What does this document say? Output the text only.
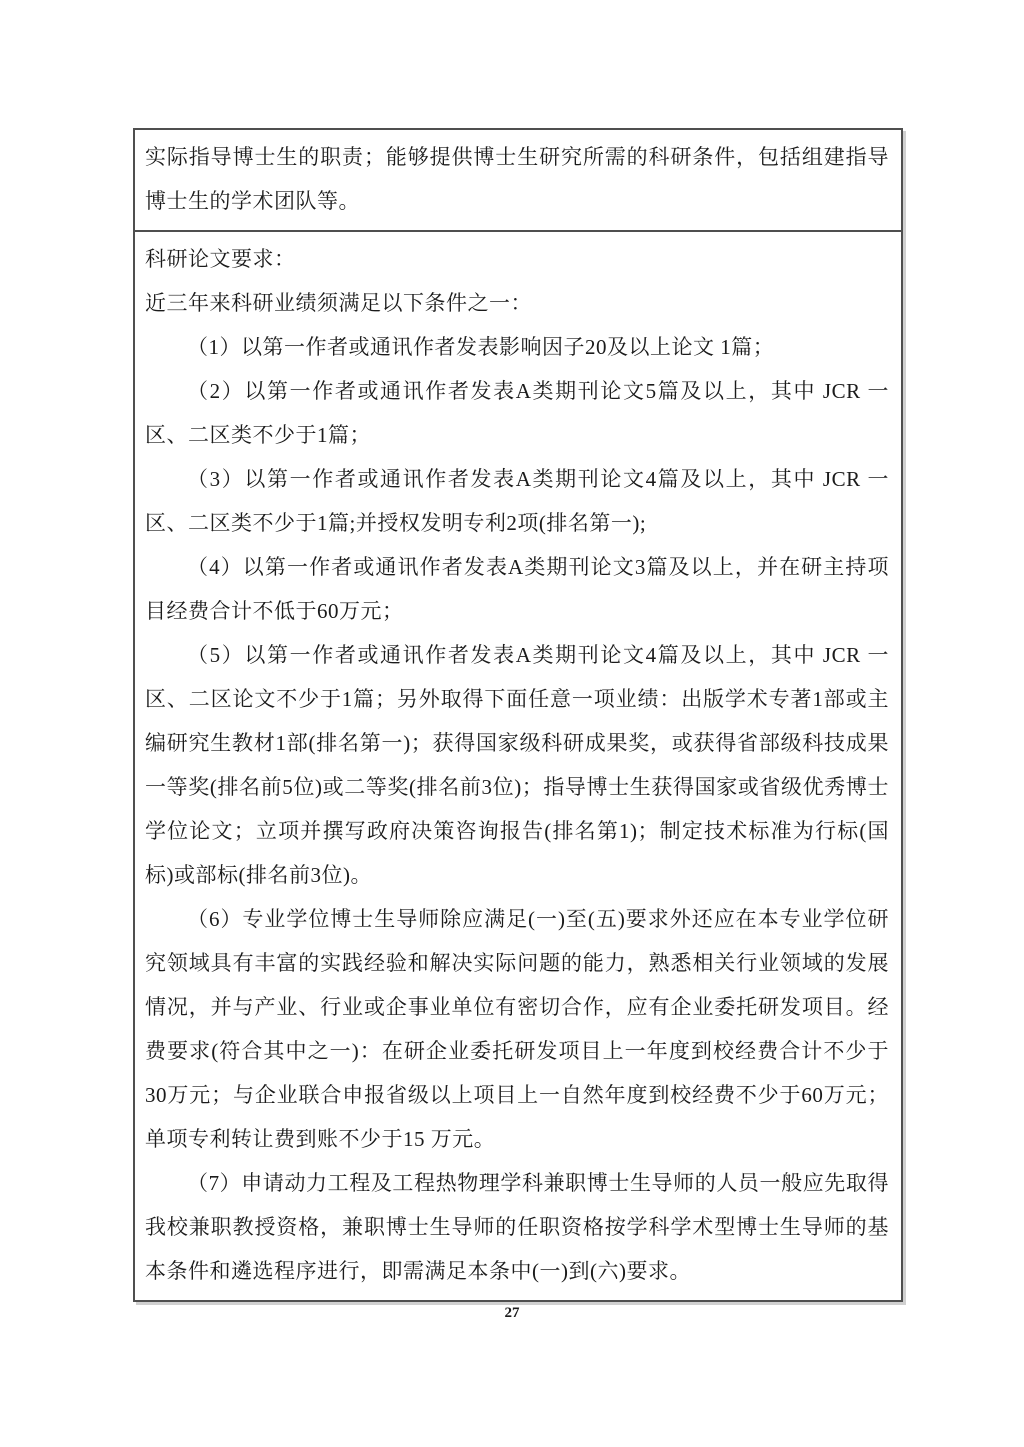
实际指导博士生的职责；能够提供博士生研究所需的科研条件，包括组建指导博士生的学术团队等。

科研论文要求：

近三年来科研业绩须满足以下条件之一：

（1）以第一作者或通讯作者发表影响因子20及以上论文 1篇；

（2）以第一作者或通讯作者发表A类期刊论文5篇及以上，其中 JCR 一区、二区类不少于1篇；

（3）以第一作者或通讯作者发表A类期刊论文4篇及以上，其中 JCR 一区、二区类不少于1篇;并授权发明专利2项(排名第一);

（4）以第一作者或通讯作者发表A类期刊论文3篇及以上，并在研主持项目经费合计不低于60万元；

（5）以第一作者或通讯作者发表A类期刊论文4篇及以上，其中 JCR 一区、二区论文不少于1篇；另外取得下面任意一项业绩：出版学术专著1部或主编研究生教材1部(排名第一)；获得国家级科研成果奖，或获得省部级科技成果一等奖(排名前5位)或二等奖(排名前3位)；指导博士生获得国家或省级优秀博士学位论文；立项并撰写政府决策咨询报告(排名第1)；制定技术标准为行标(国标)或部标(排名前3位)。

（6）专业学位博士生导师除应满足(一)至(五)要求外还应在本专业学位研究领域具有丰富的实践经验和解决实际问题的能力，熟悉相关行业领域的发展情况，并与产业、行业或企事业单位有密切合作，应有企业委托研发项目。经费要求(符合其中之一)：在研企业委托研发项目上一年度到校经费合计不少于30万元；与企业联合申报省级以上项目上一自然年度到校经费不少于60万元；单项专利转让费到账不少于15 万元。

（7）申请动力工程及工程热物理学科兼职博士生导师的人员一般应先取得我校兼职教授资格，兼职博士生导师的任职资格按学科学术型博士生导师的基本条件和遴选程序进行，即需满足本条中(一)到(六)要求。

27
